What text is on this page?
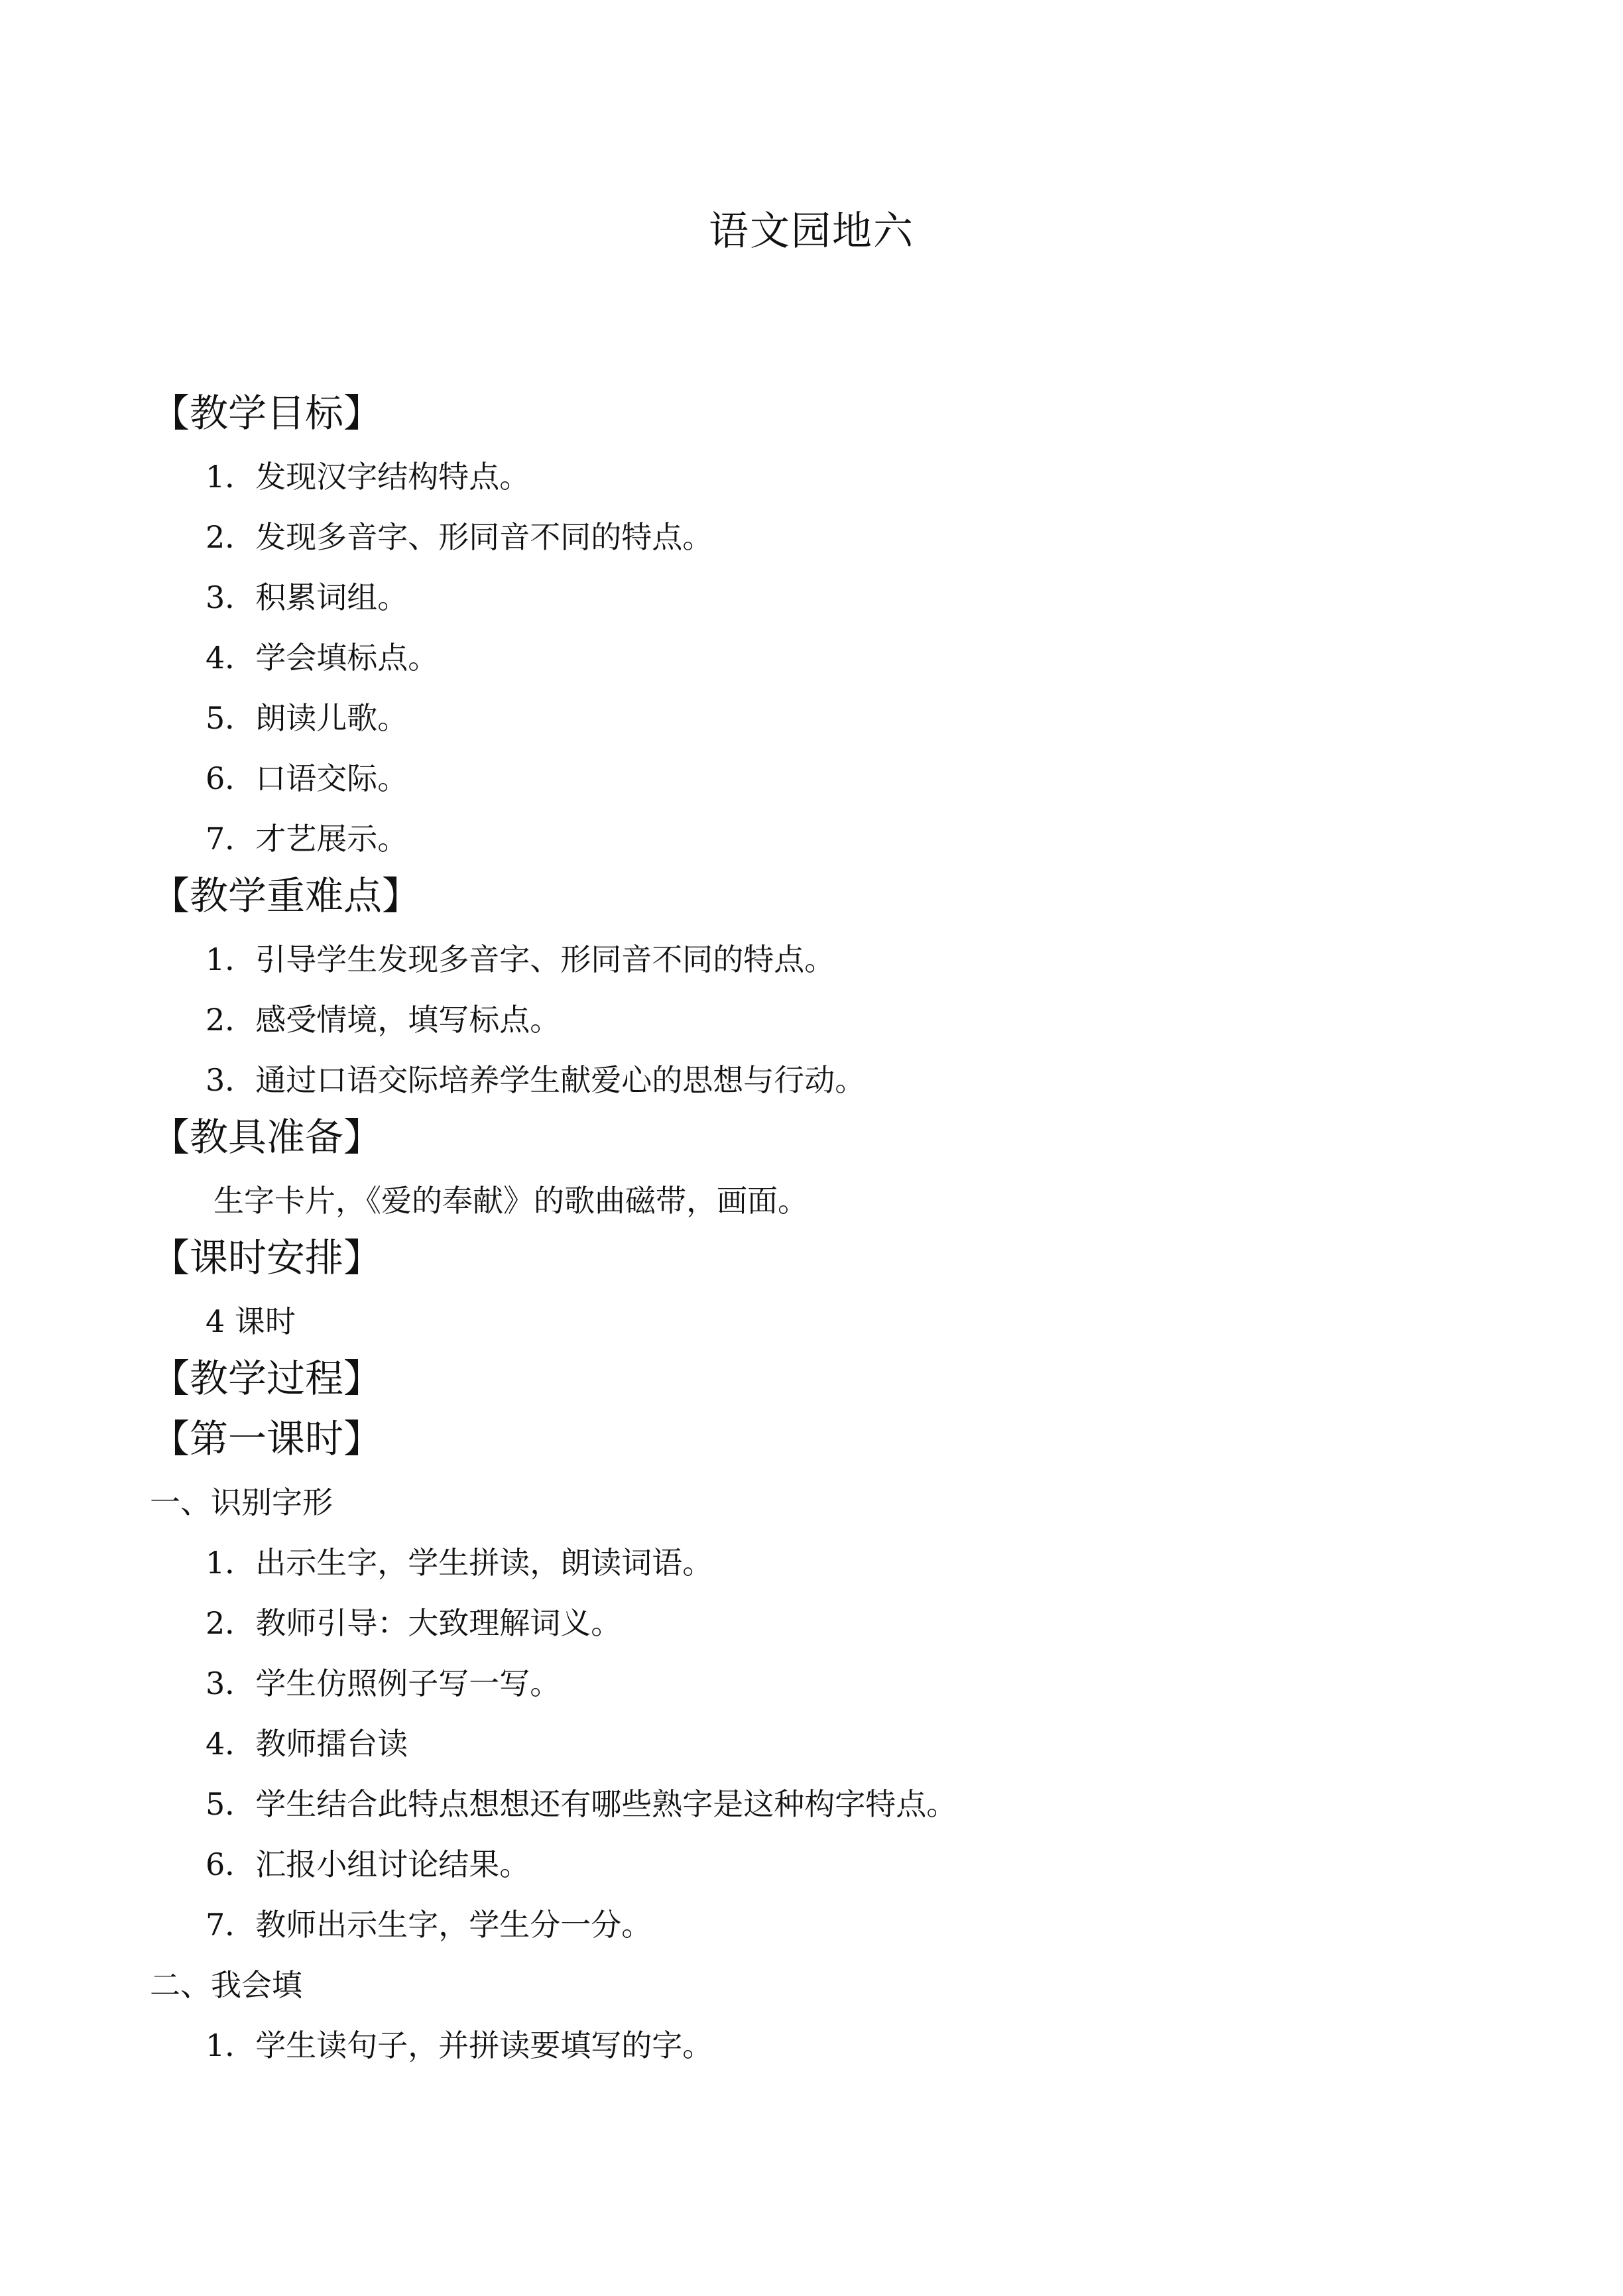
语文园地六
【教学目标】
1．发现汉字结构特点。
2．发现多音字、形同音不同的特点。
3．积累词组。
4．学会填标点。
5．朗读儿歌。
6．口语交际。
7．才艺展示。
【教学重难点】
1．引导学生发现多音字、形同音不同的特点。
2．感受情境，填写标点。
3．通过口语交际培养学生献爱心的思想与行动。
【教具准备】
生字卡片，《爱的奉献》的歌曲磁带，画面。
【课时安排】
4 课时
【教学过程】
【第一课时】
一、识别字形
1．出示生字，学生拼读，朗读词语。
2．教师引导：大致理解词义。
3．学生仿照例子写一写。
4．教师擂台读
5．学生结合此特点想想还有哪些熟字是这种构字特点。
6．汇报小组讨论结果。
7．教师出示生字，学生分一分。
二、我会填
1．学生读句子，并拼读要填写的字。
